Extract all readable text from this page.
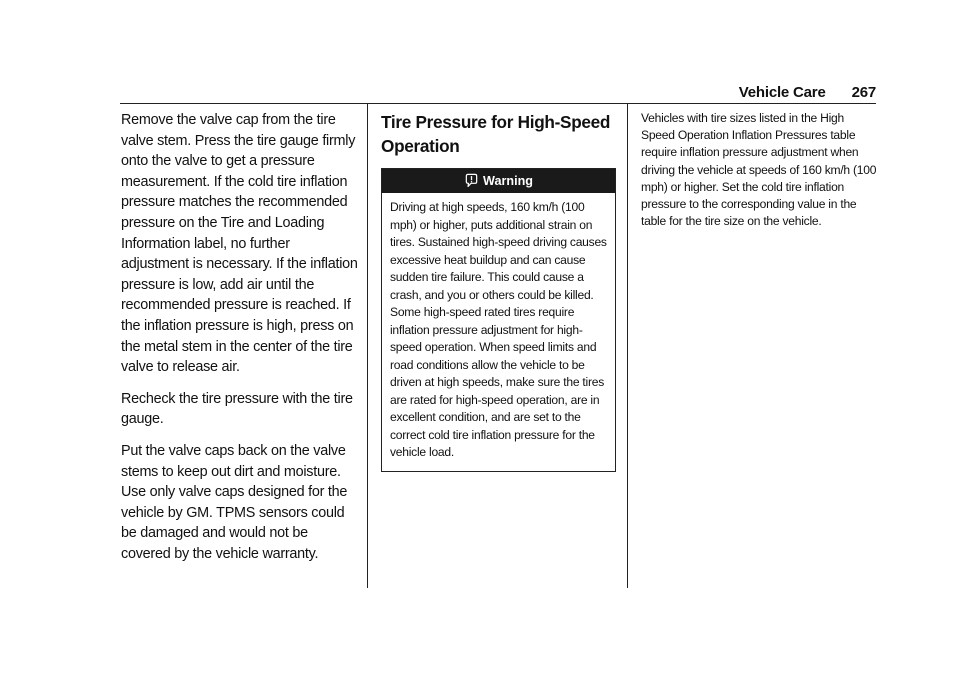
Vehicle Care 267

Remove the valve cap from the tire valve stem. Press the tire gauge firmly onto the valve to get a pressure measurement. If the cold tire inflation pressure matches the recommended pressure on the Tire and Loading Information label, no further adjustment is necessary. If the inflation pressure is low, add air until the recommended pressure is reached. If the inflation pressure is high, press on the metal stem in the center of the tire valve to release air.

Recheck the tire pressure with the tire gauge.

Put the valve caps back on the valve stems to keep out dirt and moisture. Use only valve caps designed for the vehicle by GM. TPMS sensors could be damaged and would not be covered by the vehicle warranty.

Tire Pressure for High-Speed Operation
Warning
Driving at high speeds, 160 km/h (100 mph) or higher, puts additional strain on tires. Sustained high-speed driving causes excessive heat buildup and can cause sudden tire failure. This could cause a crash, and you or others could be killed. Some high-speed rated tires require inflation pressure adjustment for high-speed operation. When speed limits and road conditions allow the vehicle to be driven at high speeds, make sure the tires are rated for high-speed operation, are in excellent condition, and are set to the correct cold tire inflation pressure for the vehicle load.

Vehicles with tire sizes listed in the High Speed Operation Inflation Pressures table require inflation pressure adjustment when driving the vehicle at speeds of 160 km/h (100 mph) or higher. Set the cold tire inflation pressure to the corresponding value in the table for the tire size on the vehicle.
